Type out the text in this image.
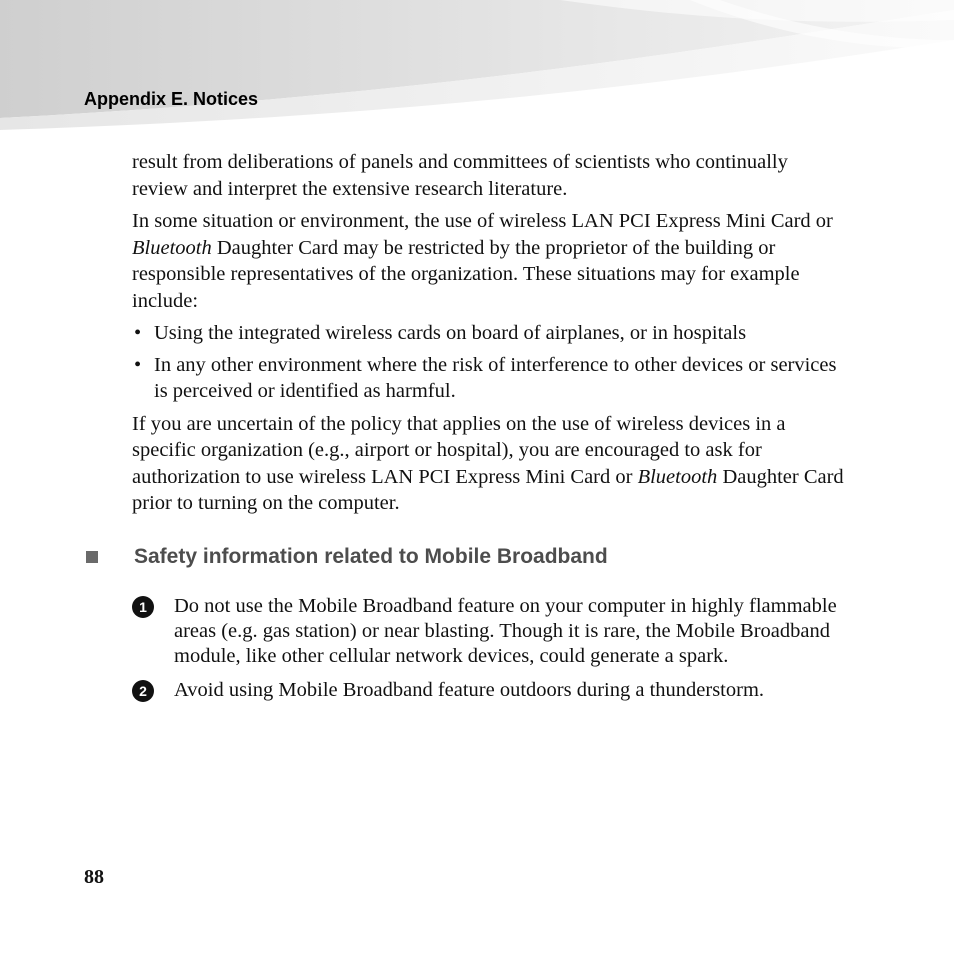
Appendix E. Notices

result from deliberations of panels and committees of scientists who continually review and interpret the extensive research literature.

In some situation or environment, the use of wireless LAN PCI Express Mini Card or Bluetooth Daughter Card may be restricted by the proprietor of the building or responsible representatives of the organization. These situations may for example include:

• Using the integrated wireless cards on board of airplanes, or in hospitals
• In any other environment where the risk of interference to other devices or services is perceived or identified as harmful.

If you are uncertain of the policy that applies on the use of wireless devices in a specific organization (e.g., airport or hospital), you are encouraged to ask for authorization to use wireless LAN PCI Express Mini Card or Bluetooth Daughter Card prior to turning on the computer.

Safety information related to Mobile Broadband
1	Do not use the Mobile Broadband feature on your computer in highly flammable areas (e.g. gas station) or near blasting. Though it is rare, the Mobile Broadband module, like other cellular network devices, could generate a spark.
2	Avoid using Mobile Broadband feature outdoors during a thunderstorm.

88
